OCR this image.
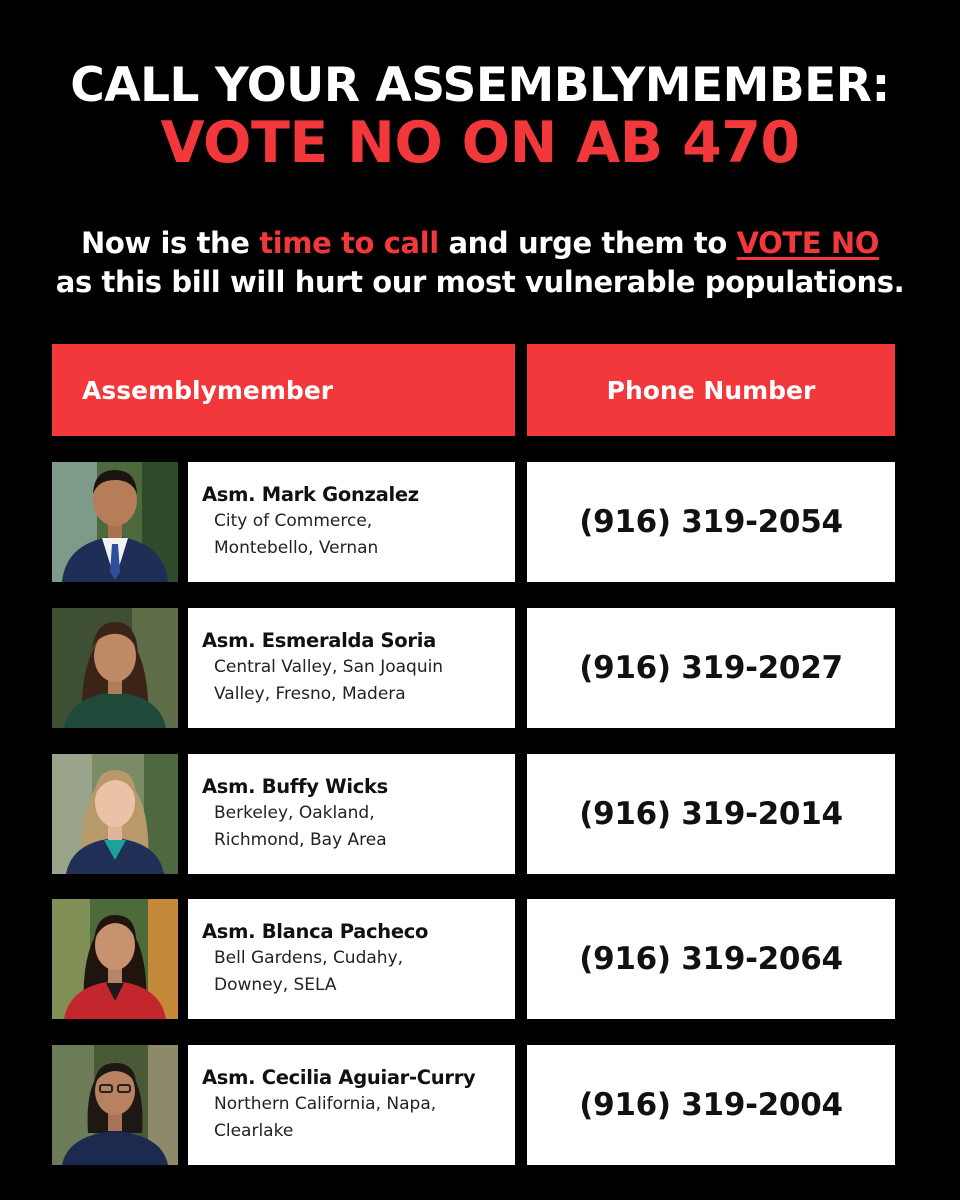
CALL YOUR ASSEMBLYMEMBER:
VOTE NO ON AB 470
Now is the time to call and urge them to VOTE NO
as this bill will hurt our most vulnerable populations.
Assemblymember	Phone Number
Asm. Mark Gonzalez
City of Commerce,
Montebello, Vernan
(916) 319-2054
Asm. Esmeralda Soria
Central Valley, San Joaquin
Valley, Fresno, Madera
(916) 319-2027
Asm. Buffy Wicks
Berkeley, Oakland,
Richmond, Bay Area
(916) 319-2014
Asm. Blanca Pacheco
Bell Gardens, Cudahy,
Downey, SELA
(916) 319-2064
Asm. Cecilia Aguiar-Curry
Northern California, Napa,
Clearlake
(916) 319-2004
